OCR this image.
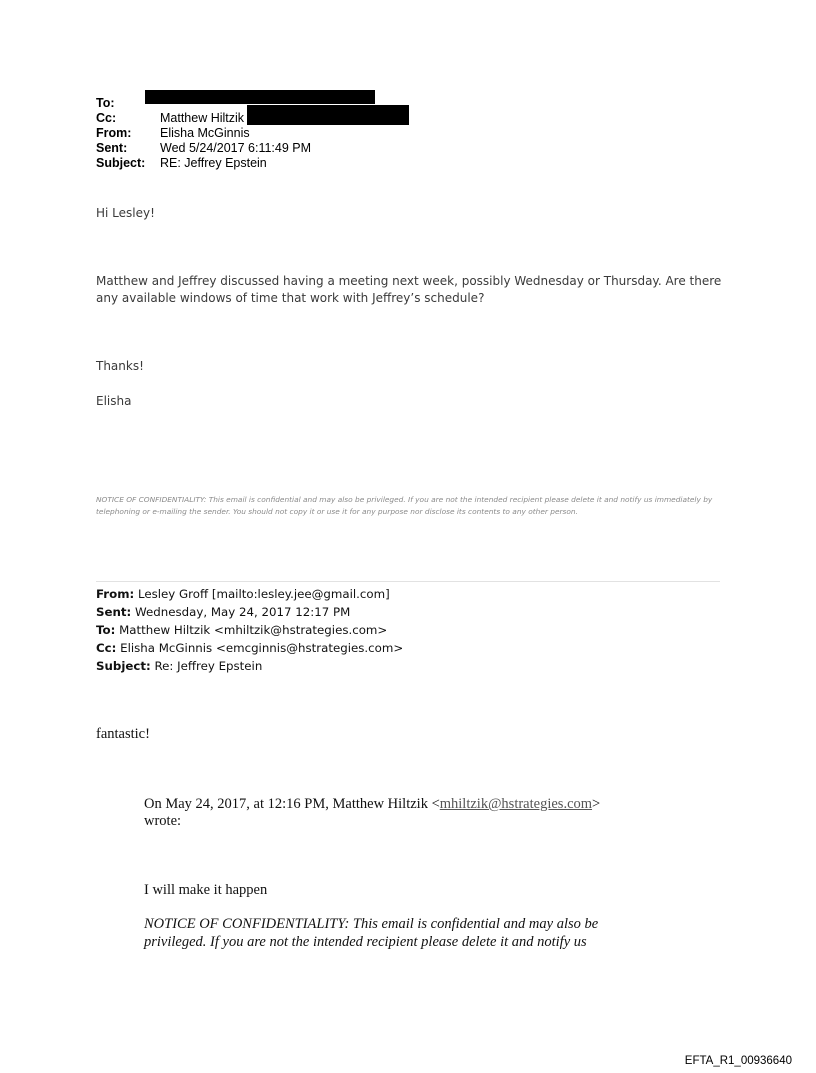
To:
Cc:	Matthew Hiltzik
From:	Elisha McGinnis
Sent:	Wed 5/24/2017 6:11:49 PM
Subject:	RE: Jeffrey Epstein
Hi Lesley!
Matthew and Jeffrey discussed having a meeting next week, possibly Wednesday or Thursday. Are there any available windows of time that work with Jeffrey’s schedule?
Thanks!
Elisha
NOTICE OF CONFIDENTIALITY: This email is confidential and may also be privileged. If you are not the intended recipient please delete it and notify us immediately by telephoning or e-mailing the sender. You should not copy it or use it for any purpose nor disclose its contents to any other person.
From: Lesley Groff [mailto:lesley.jee@gmail.com]
Sent: Wednesday, May 24, 2017 12:17 PM
To: Matthew Hiltzik <mhiltzik@hstrategies.com>
Cc: Elisha McGinnis <emcginnis@hstrategies.com>
Subject: Re: Jeffrey Epstein
fantastic!
On May 24, 2017, at 12:16 PM, Matthew Hiltzik <mhiltzik@hstrategies.com>
wrote:
I will make it happen
NOTICE OF CONFIDENTIALITY: This email is confidential and may also be
privileged. If you are not the intended recipient please delete it and notify us
EFTA_R1_00936640
